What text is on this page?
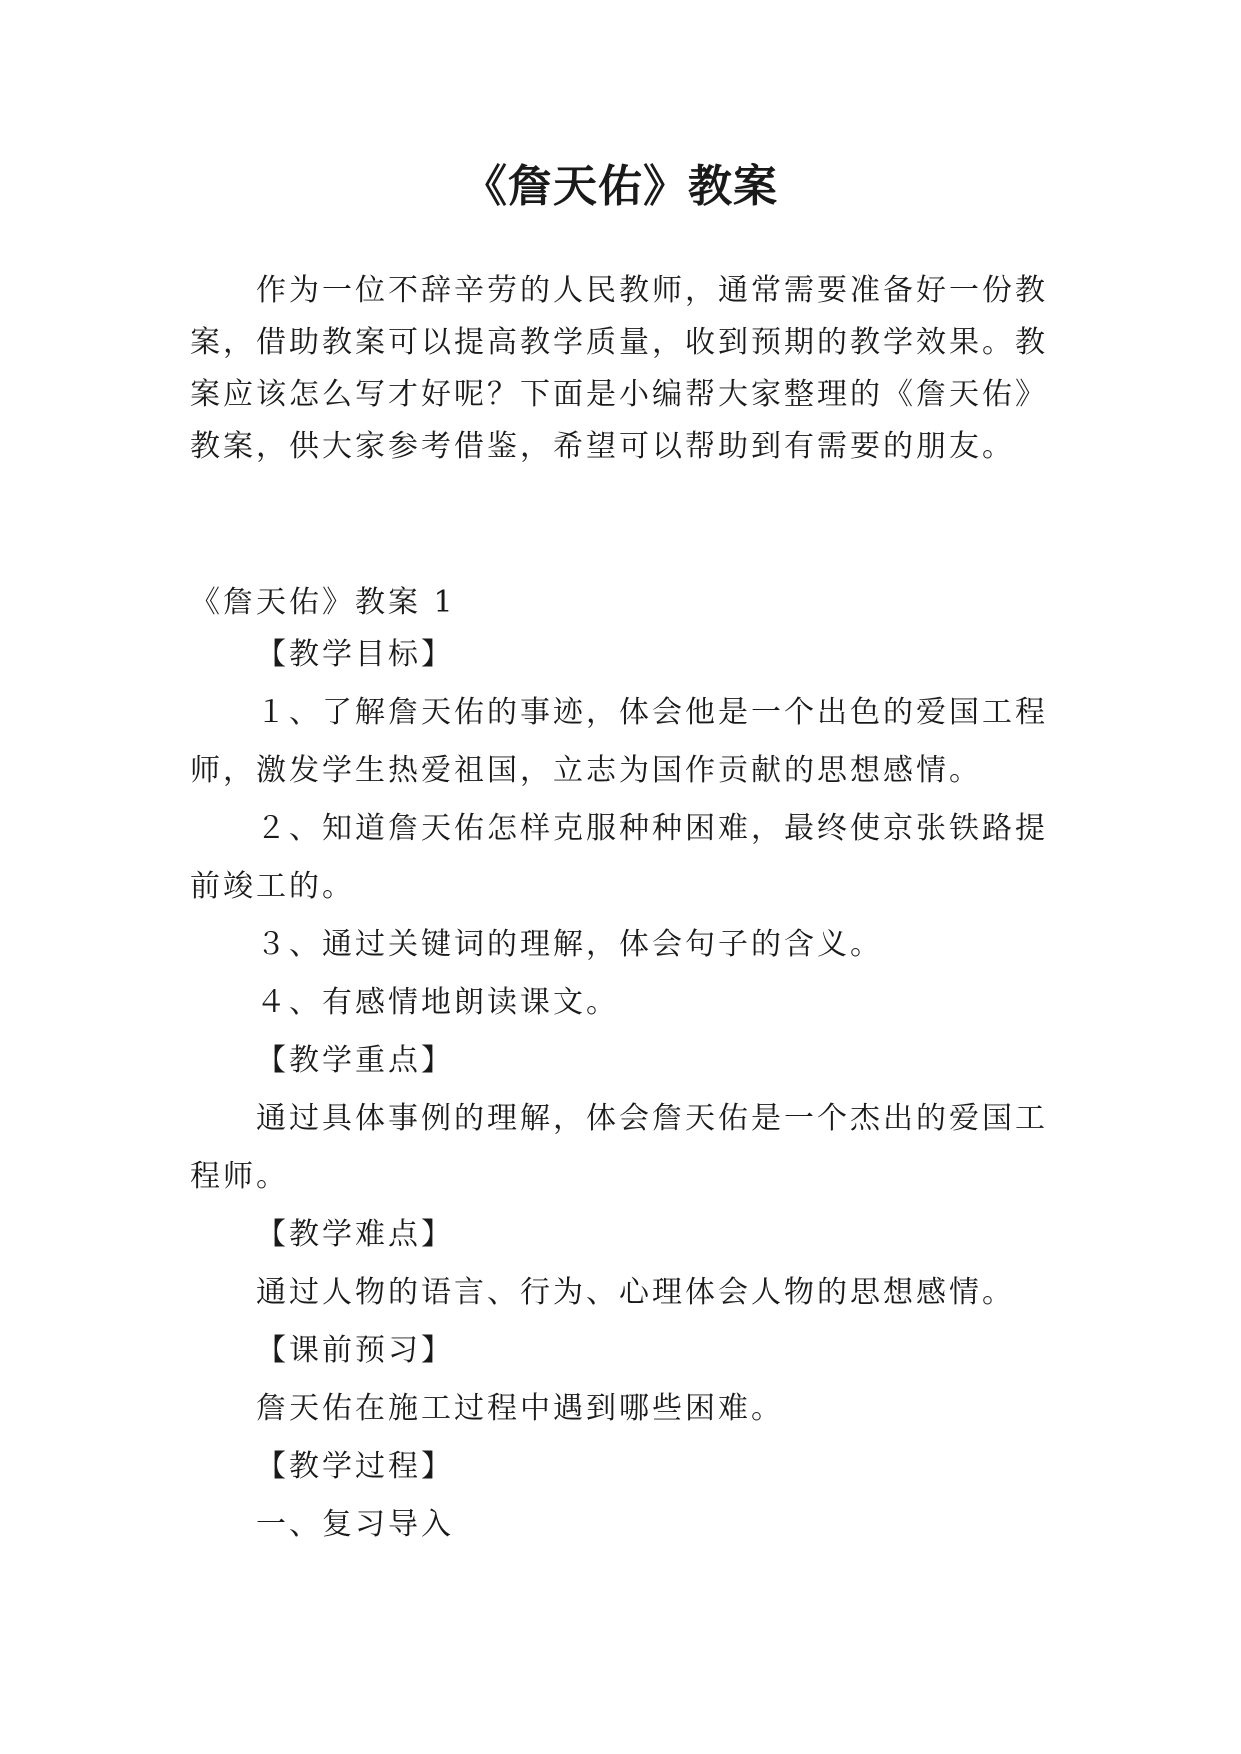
《詹天佑》教案

作为一位不辞辛劳的人民教师，通常需要准备好一份教

案，借助教案可以提高教学质量，收到预期的教学效果。教

案应该怎么写才好呢？下面是小编帮大家整理的《詹天佑》

教案，供大家参考借鉴，希望可以帮助到有需要的朋友。

《詹天佑》教案 1

【教学目标】

１、了解詹天佑的事迹，体会他是一个出色的爱国工程

师，激发学生热爱祖国，立志为国作贡献的思想感情。

２、知道詹天佑怎样克服种种困难，最终使京张铁路提

前竣工的。

３、通过关键词的理解，体会句子的含义。

４、有感情地朗读课文。

【教学重点】

通过具体事例的理解，体会詹天佑是一个杰出的爱国工

程师。

【教学难点】

通过人物的语言、行为、心理体会人物的思想感情。

【课前预习】

詹天佑在施工过程中遇到哪些困难。

【教学过程】

一、复习导入
